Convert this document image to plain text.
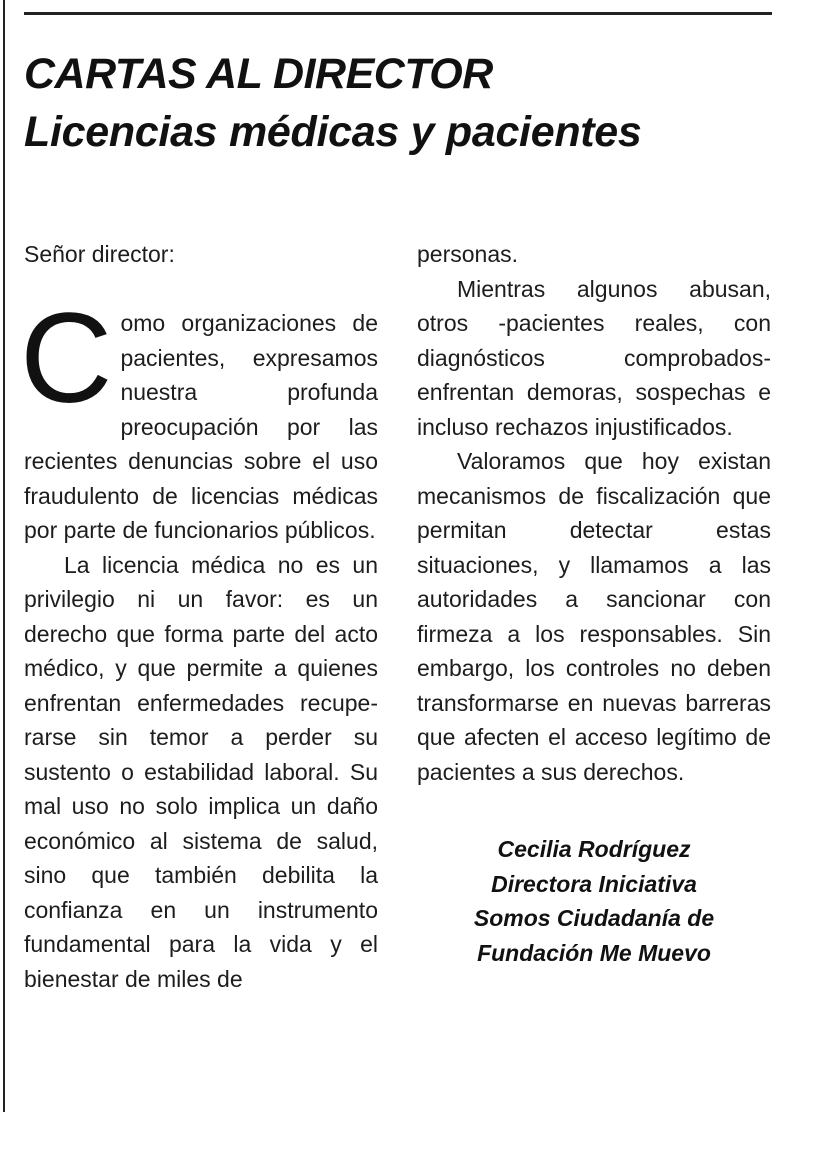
CARTAS AL DIRECTOR
Licencias médicas y pacientes

Señor director:

Como organizaciones de pacientes, expresamos nuestra profunda preocupación por las recientes denuncias sobre el uso fraudulento de licencias médicas por parte de funcionarios públicos.

La licencia médica no es un privilegio ni un favor: es un derecho que forma parte del acto médico, y que permite a quienes enfrentan enfermedades recuperarse sin temor a perder su sustento o estabilidad laboral. Su mal uso no solo implica un daño económico al sistema de salud, sino que también debilita la confianza en un instrumento fundamental para la vida y el bienestar de miles de

personas.

Mientras algunos abusan, otros -pacientes reales, con diagnósticos comprobados- enfrentan demoras, sospechas e incluso rechazos injustificados.

Valoramos que hoy existan mecanismos de fiscalización que permitan detectar estas situaciones, y llamamos a las autoridades a sancionar con firmeza a los responsables. Sin embargo, los controles no deben transformarse en nuevas barreras que afecten el acceso legítimo de pacientes a sus derechos.

Cecilia Rodríguez
Directora Iniciativa
Somos Ciudadanía de
Fundación Me Muevo
